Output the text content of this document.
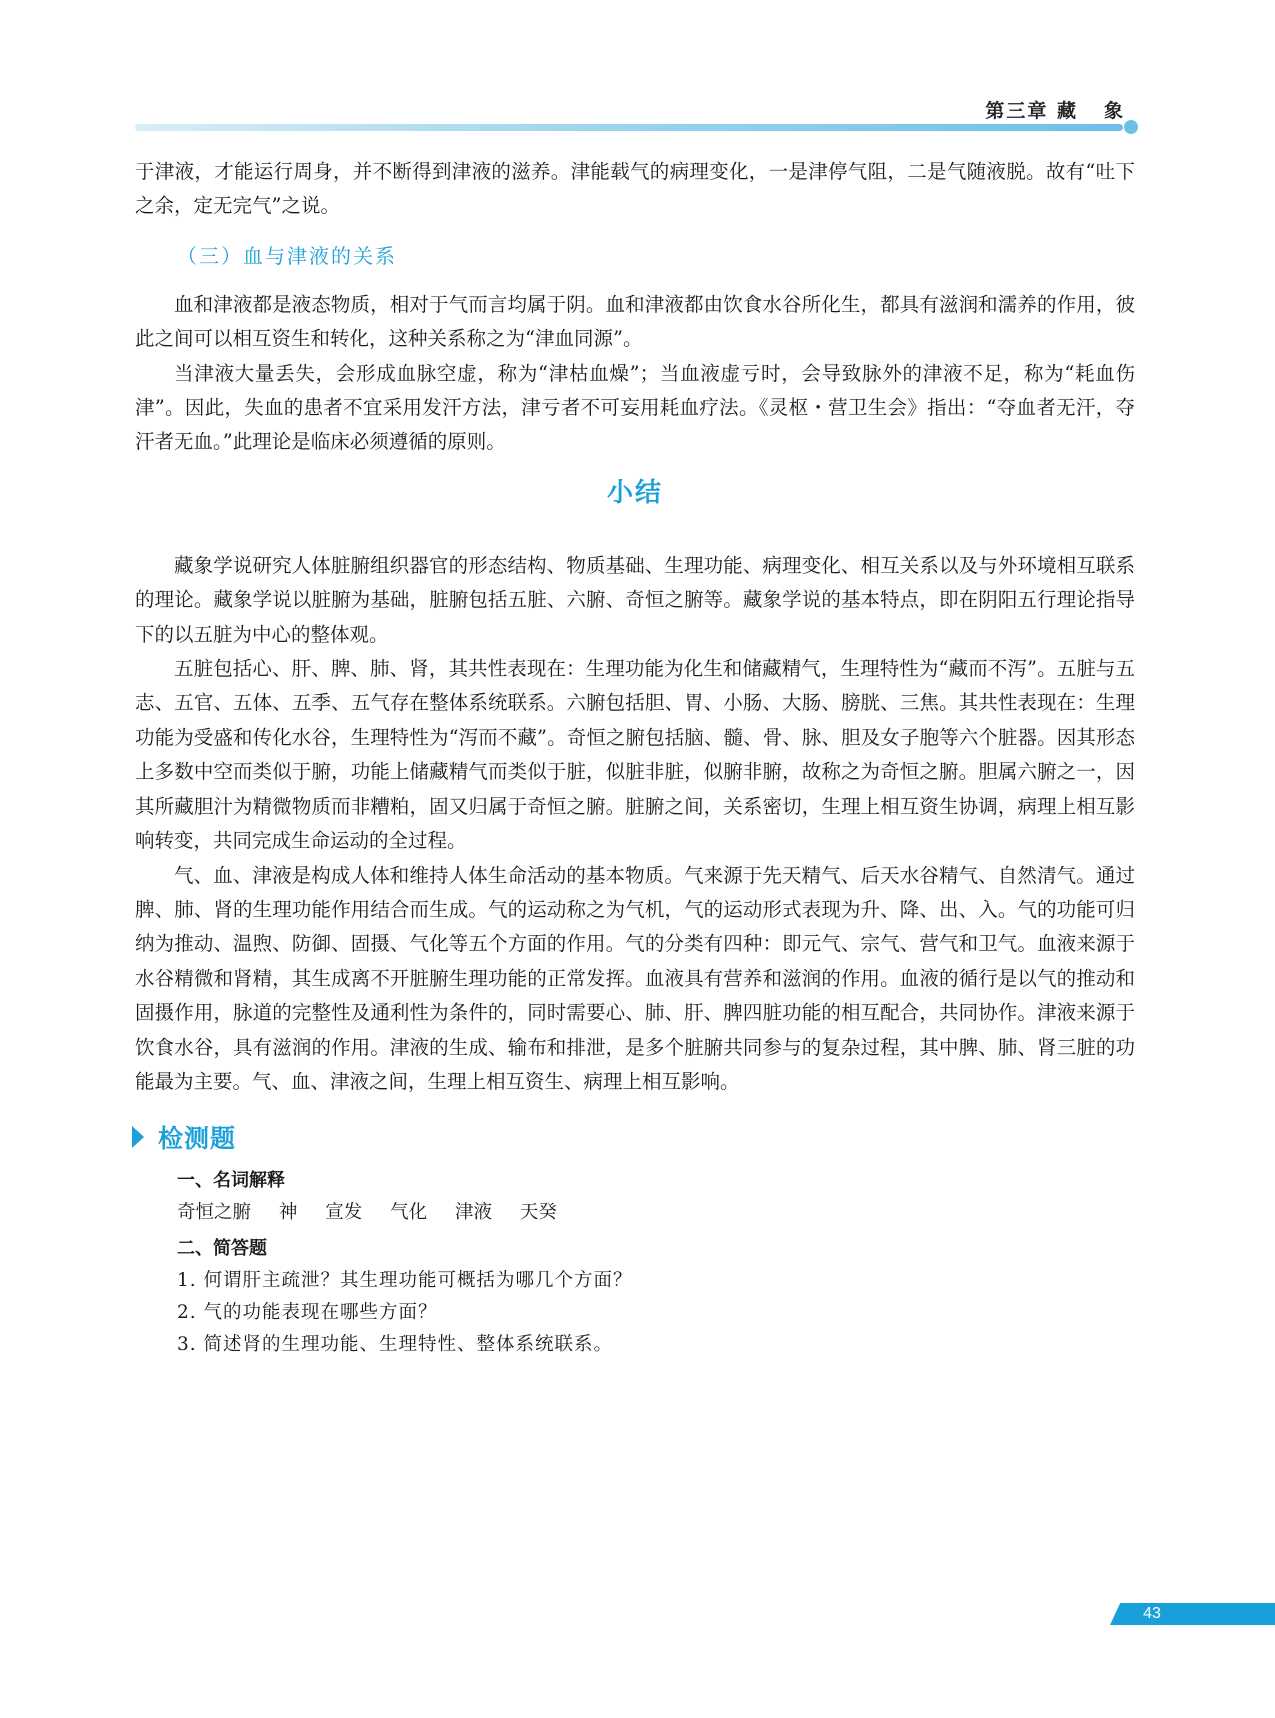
第三章 藏 象

于津液，才能运行周身，并不断得到津液的滋养。津能载气的病理变化，一是津停气阻，二是气随液脱。故有“吐下之余，定无完气”之说。

（三）血与津液的关系

血和津液都是液态物质，相对于气而言均属于阴。血和津液都由饮食水谷所化生，都具有滋润和濡养的作用，彼此之间可以相互资生和转化，这种关系称之为“津血同源”。

当津液大量丢失，会形成血脉空虚，称为“津枯血燥”；当血液虚亏时，会导致脉外的津液不足，称为“耗血伤津”。因此，失血的患者不宜采用发汗方法，津亏者不可妄用耗血疗法。《灵枢・营卫生会》指出：“夺血者无汗，夺汗者无血。”此理论是临床必须遵循的原则。

小结

藏象学说研究人体脏腑组织器官的形态结构、物质基础、生理功能、病理变化、相互关系以及与外环境相互联系的理论。藏象学说以脏腑为基础，脏腑包括五脏、六腑、奇恒之腑等。藏象学说的基本特点，即在阴阳五行理论指导下的以五脏为中心的整体观。

五脏包括心、肝、脾、肺、肾，其共性表现在：生理功能为化生和储藏精气，生理特性为“藏而不泻”。五脏与五志、五官、五体、五季、五气存在整体系统联系。六腑包括胆、胃、小肠、大肠、膀胱、三焦。其共性表现在：生理功能为受盛和传化水谷，生理特性为“泻而不藏”。奇恒之腑包括脑、髓、骨、脉、胆及女子胞等六个脏器。因其形态上多数中空而类似于腑，功能上储藏精气而类似于脏，似脏非脏，似腑非腑，故称之为奇恒之腑。胆属六腑之一，因其所藏胆汁为精微物质而非糟粕，固又归属于奇恒之腑。脏腑之间，关系密切，生理上相互资生协调，病理上相互影响转变，共同完成生命运动的全过程。

气、血、津液是构成人体和维持人体生命活动的基本物质。气来源于先天精气、后天水谷精气、自然清气。通过脾、肺、肾的生理功能作用结合而生成。气的运动称之为气机，气的运动形式表现为升、降、出、入。气的功能可归纳为推动、温煦、防御、固摄、气化等五个方面的作用。气的分类有四种：即元气、宗气、营气和卫气。血液来源于水谷精微和肾精，其生成离不开脏腑生理功能的正常发挥。血液具有营养和滋润的作用。血液的循行是以气的推动和固摄作用，脉道的完整性及通利性为条件的，同时需要心、肺、肝、脾四脏功能的相互配合，共同协作。津液来源于饮食水谷，具有滋润的作用。津液的生成、输布和排泄，是多个脏腑共同参与的复杂过程，其中脾、肺、肾三脏的功能最为主要。气、血、津液之间，生理上相互资生、病理上相互影响。

检测题
一、名词解释
奇恒之腑 神 宣发 气化 津液 天癸
二、简答题
1. 何谓肝主疏泄？其生理功能可概括为哪几个方面？
2. 气的功能表现在哪些方面？
3. 简述肾的生理功能、生理特性、整体系统联系。
43
